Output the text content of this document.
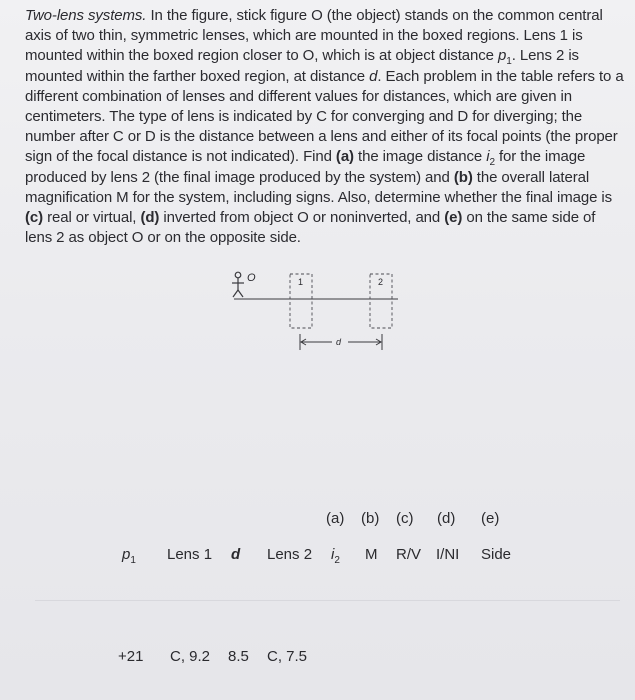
Two-lens systems. In the figure, stick figure O (the object) stands on the common central axis of two thin, symmetric lenses, which are mounted in the boxed regions. Lens 1 is mounted within the boxed region closer to O, which is at object distance $p_1$. Lens 2 is mounted within the farther boxed region, at distance d. Each problem in the table refers to a different combination of lenses and different values for distances, which are given in centimeters. The type of lens is indicated by C for converging and D for diverging; the number after C or D is the distance between a lens and either of its focal points (the proper sign of the focal distance is not indicated). Find (a) the image distance $i_2$ for the image produced by lens 2 (the final image produced by the system) and (b) the overall lateral magnification M for the system, including signs. Also, determine whether the final image is (c) real or virtual, (d) inverted from object O or noninverted, and (e) on the same side of lens 2 as object O or on the opposite side.
O	1	2
d
(a) (b) (c) (d) (e)
$p_1$ Lens 1 d Lens 2 $i_2$ M R/V I/NI Side
+21 C, 9.2 8.5 C, 7.5
